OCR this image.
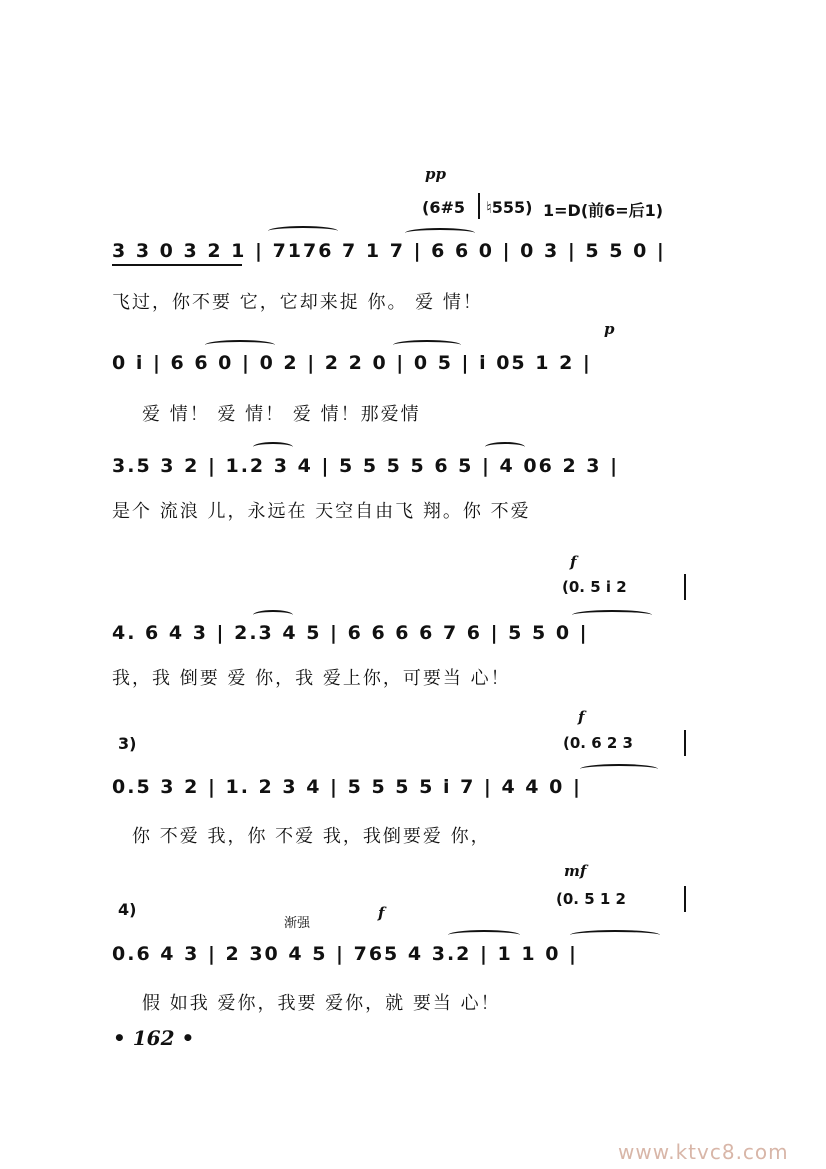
pp
(6#5 ♮555) 1=D(前6=后1)
3 3 0 3 2 1 | 7176 7 1 7 | 6 6 0 | 0 3 | 5 5 0 |
飞过，你不要 它，它却来捉 你。 爱 情！
0 i | 6 6 0 | 0 2 | 2 2 0 | 0 5 | i 05 1 2 |
爱 情！ 爱 情！ 爱 情！那爱情
p
3.5 3 2 | 1.2 3 4 | 5 5 5 5 6 5 | 4 06 2 3 |
是个 流浪 儿，永远在 天空自由飞 翔。你 不爱
f
(0. 5 i 2
4. 6 4 3 | 2.3 4 5 | 6 6 6 6 7 6 | 5 5 0 |
我，我 倒要 爱 你，我 爱上你，可要当 心！
3)
f
(0. 6 2 3
0.5 3 2 | 1. 2 3 4 | 5 5 5 5 i 7 | 4 4 0 |
你 不爱 我，你 不爱 我，我倒要爱 你，
4)
渐强
f
mf
(0. 5 1 2
0.6 4 3 | 2 30 4 5 | 765 4 3.2 | 1 1 0 |
假 如我 爱你，我要 爱你，就 要当 心！
• 162 •
www.ktvc8.com
